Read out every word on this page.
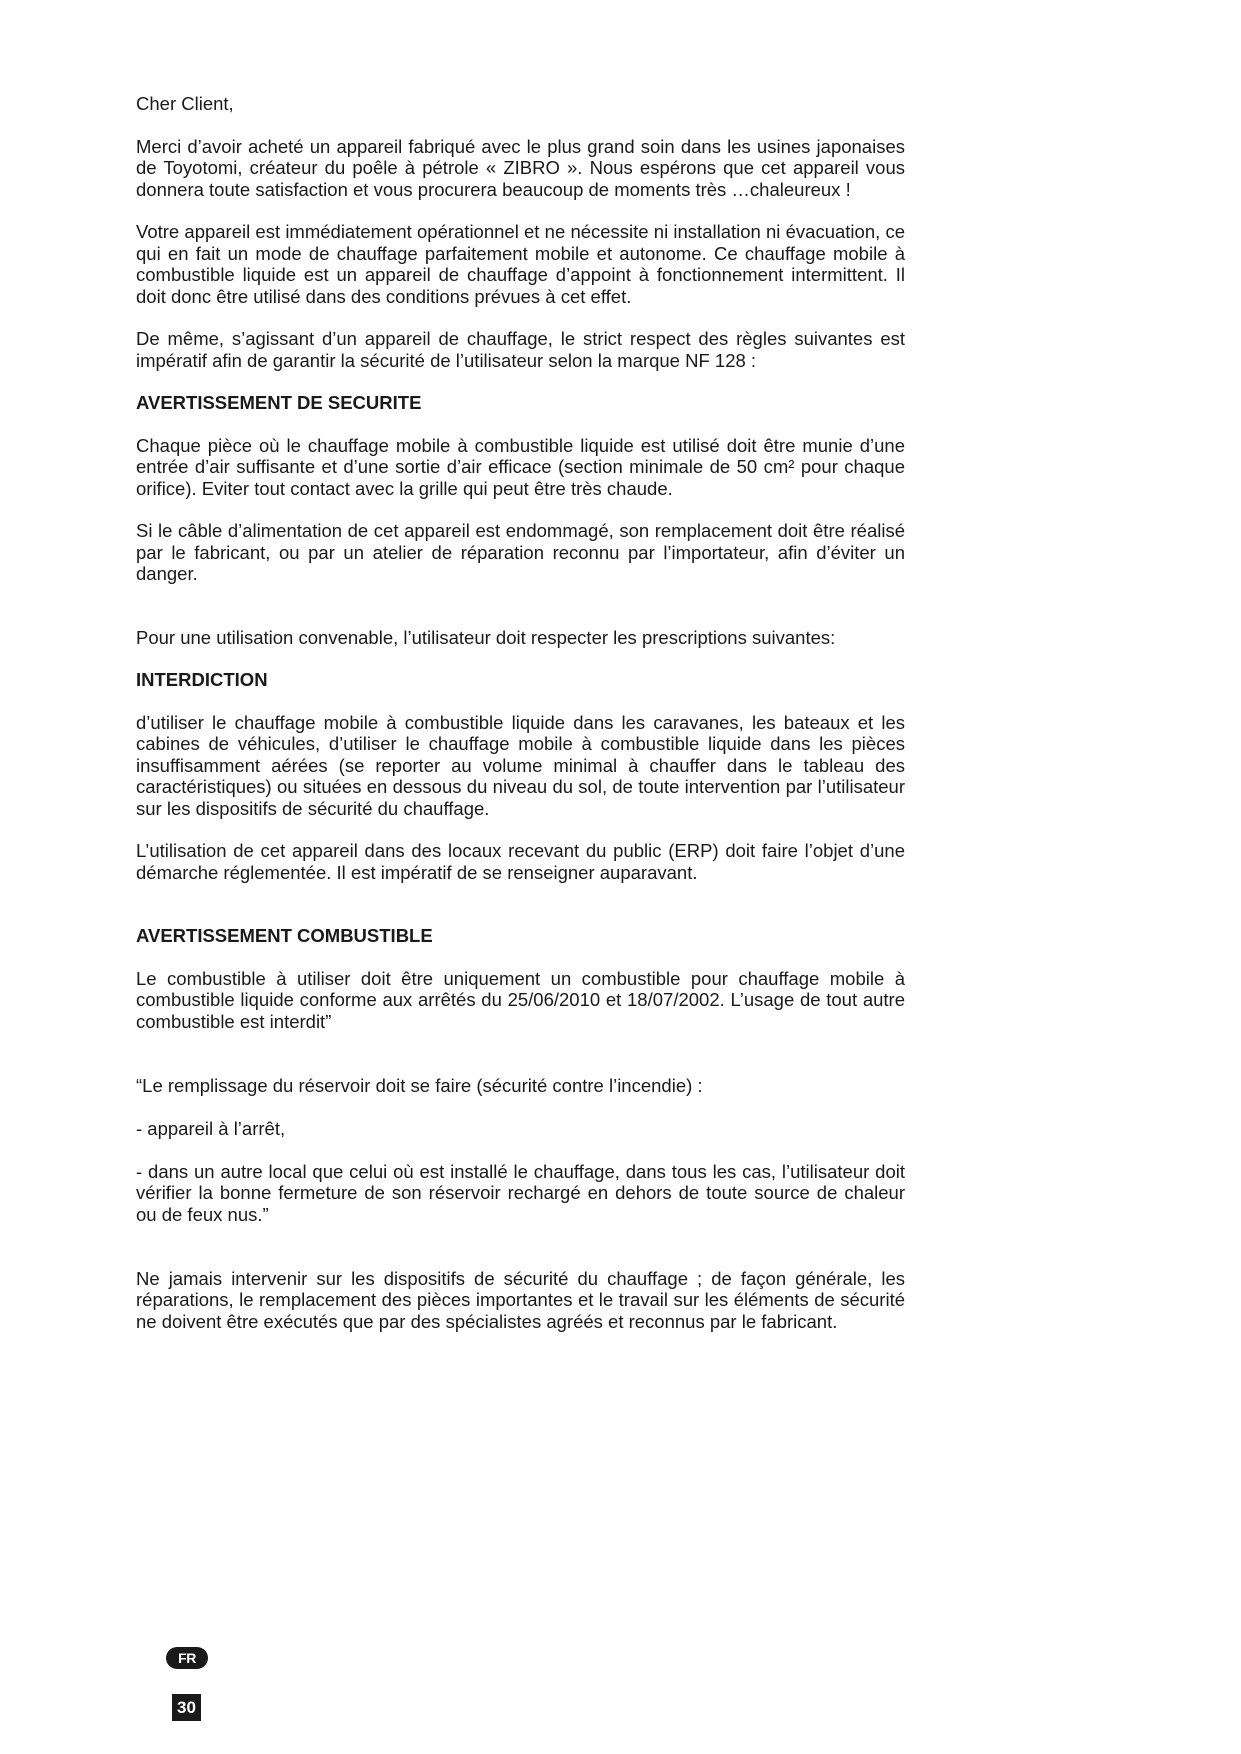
Cher Client,

Merci d’avoir acheté un appareil fabriqué avec le plus grand soin dans les usines japonaises de Toyotomi, créateur du poêle à pétrole « ZIBRO ». Nous espérons que cet appareil vous donnera toute satisfaction et vous procurera beaucoup de moments très …chaleureux !

Votre appareil est immédiatement opérationnel et ne nécessite ni installation ni évacuation, ce qui en fait un mode de chauffage parfaitement mobile et autonome. Ce chauffage mobile à combustible liquide est un appareil de chauffage d’appoint à fonctionnement intermittent. Il doit donc être utilisé dans des conditions prévues à cet effet.

De même, s’agissant d’un appareil de chauffage, le strict respect des règles suivantes est impératif afin de garantir la sécurité de l’utilisateur selon la marque NF 128 :

AVERTISSEMENT DE SECURITE

Chaque pièce où le chauffage mobile à combustible liquide est utilisé doit être munie d’une entrée d’air suffisante et d’une sortie d’air efficace (section minimale de 50 cm² pour chaque orifice). Eviter tout contact avec la grille qui peut être très chaude.

Si le câble d’alimentation de cet appareil est endommagé, son remplacement doit être réalisé par le fabricant, ou par un atelier de réparation reconnu par l’importateur, afin d’éviter un danger.

Pour une utilisation convenable, l’utilisateur doit respecter les prescriptions suivantes:

INTERDICTION

d’utiliser le chauffage mobile à combustible liquide dans les caravanes, les bateaux et les cabines de véhicules, d’utiliser le chauffage mobile à combustible liquide dans les pièces insuffisamment aérées (se reporter au volume minimal à chauffer dans le tableau des caractéristiques) ou situées en dessous du niveau du sol, de toute intervention par l’utilisateur sur les dispositifs de sécurité du chauffage.

L’utilisation de cet appareil dans des locaux recevant du public (ERP) doit faire l’objet d’une démarche réglementée. Il est impératif de se renseigner auparavant.

AVERTISSEMENT COMBUSTIBLE

Le combustible à utiliser doit être uniquement un combustible pour chauffage mobile à combustible liquide conforme aux arrêtés du 25/06/2010 et 18/07/2002. L’usage de tout autre combustible est interdit”

“Le remplissage du réservoir doit se faire (sécurité contre l’incendie) :

- appareil à l’arrêt,

- dans un autre local que celui où est installé le chauffage, dans tous les cas, l’utilisateur doit vérifier la bonne fermeture de son réservoir rechargé en dehors de toute source de chaleur ou de feux nus.”

Ne jamais intervenir sur les dispositifs de sécurité du chauffage ; de façon générale, les réparations, le remplacement des pièces importantes et le travail sur les éléments de sécurité ne doivent être exécutés que par des spécialistes agréés et reconnus par le fabricant.

FR
30
